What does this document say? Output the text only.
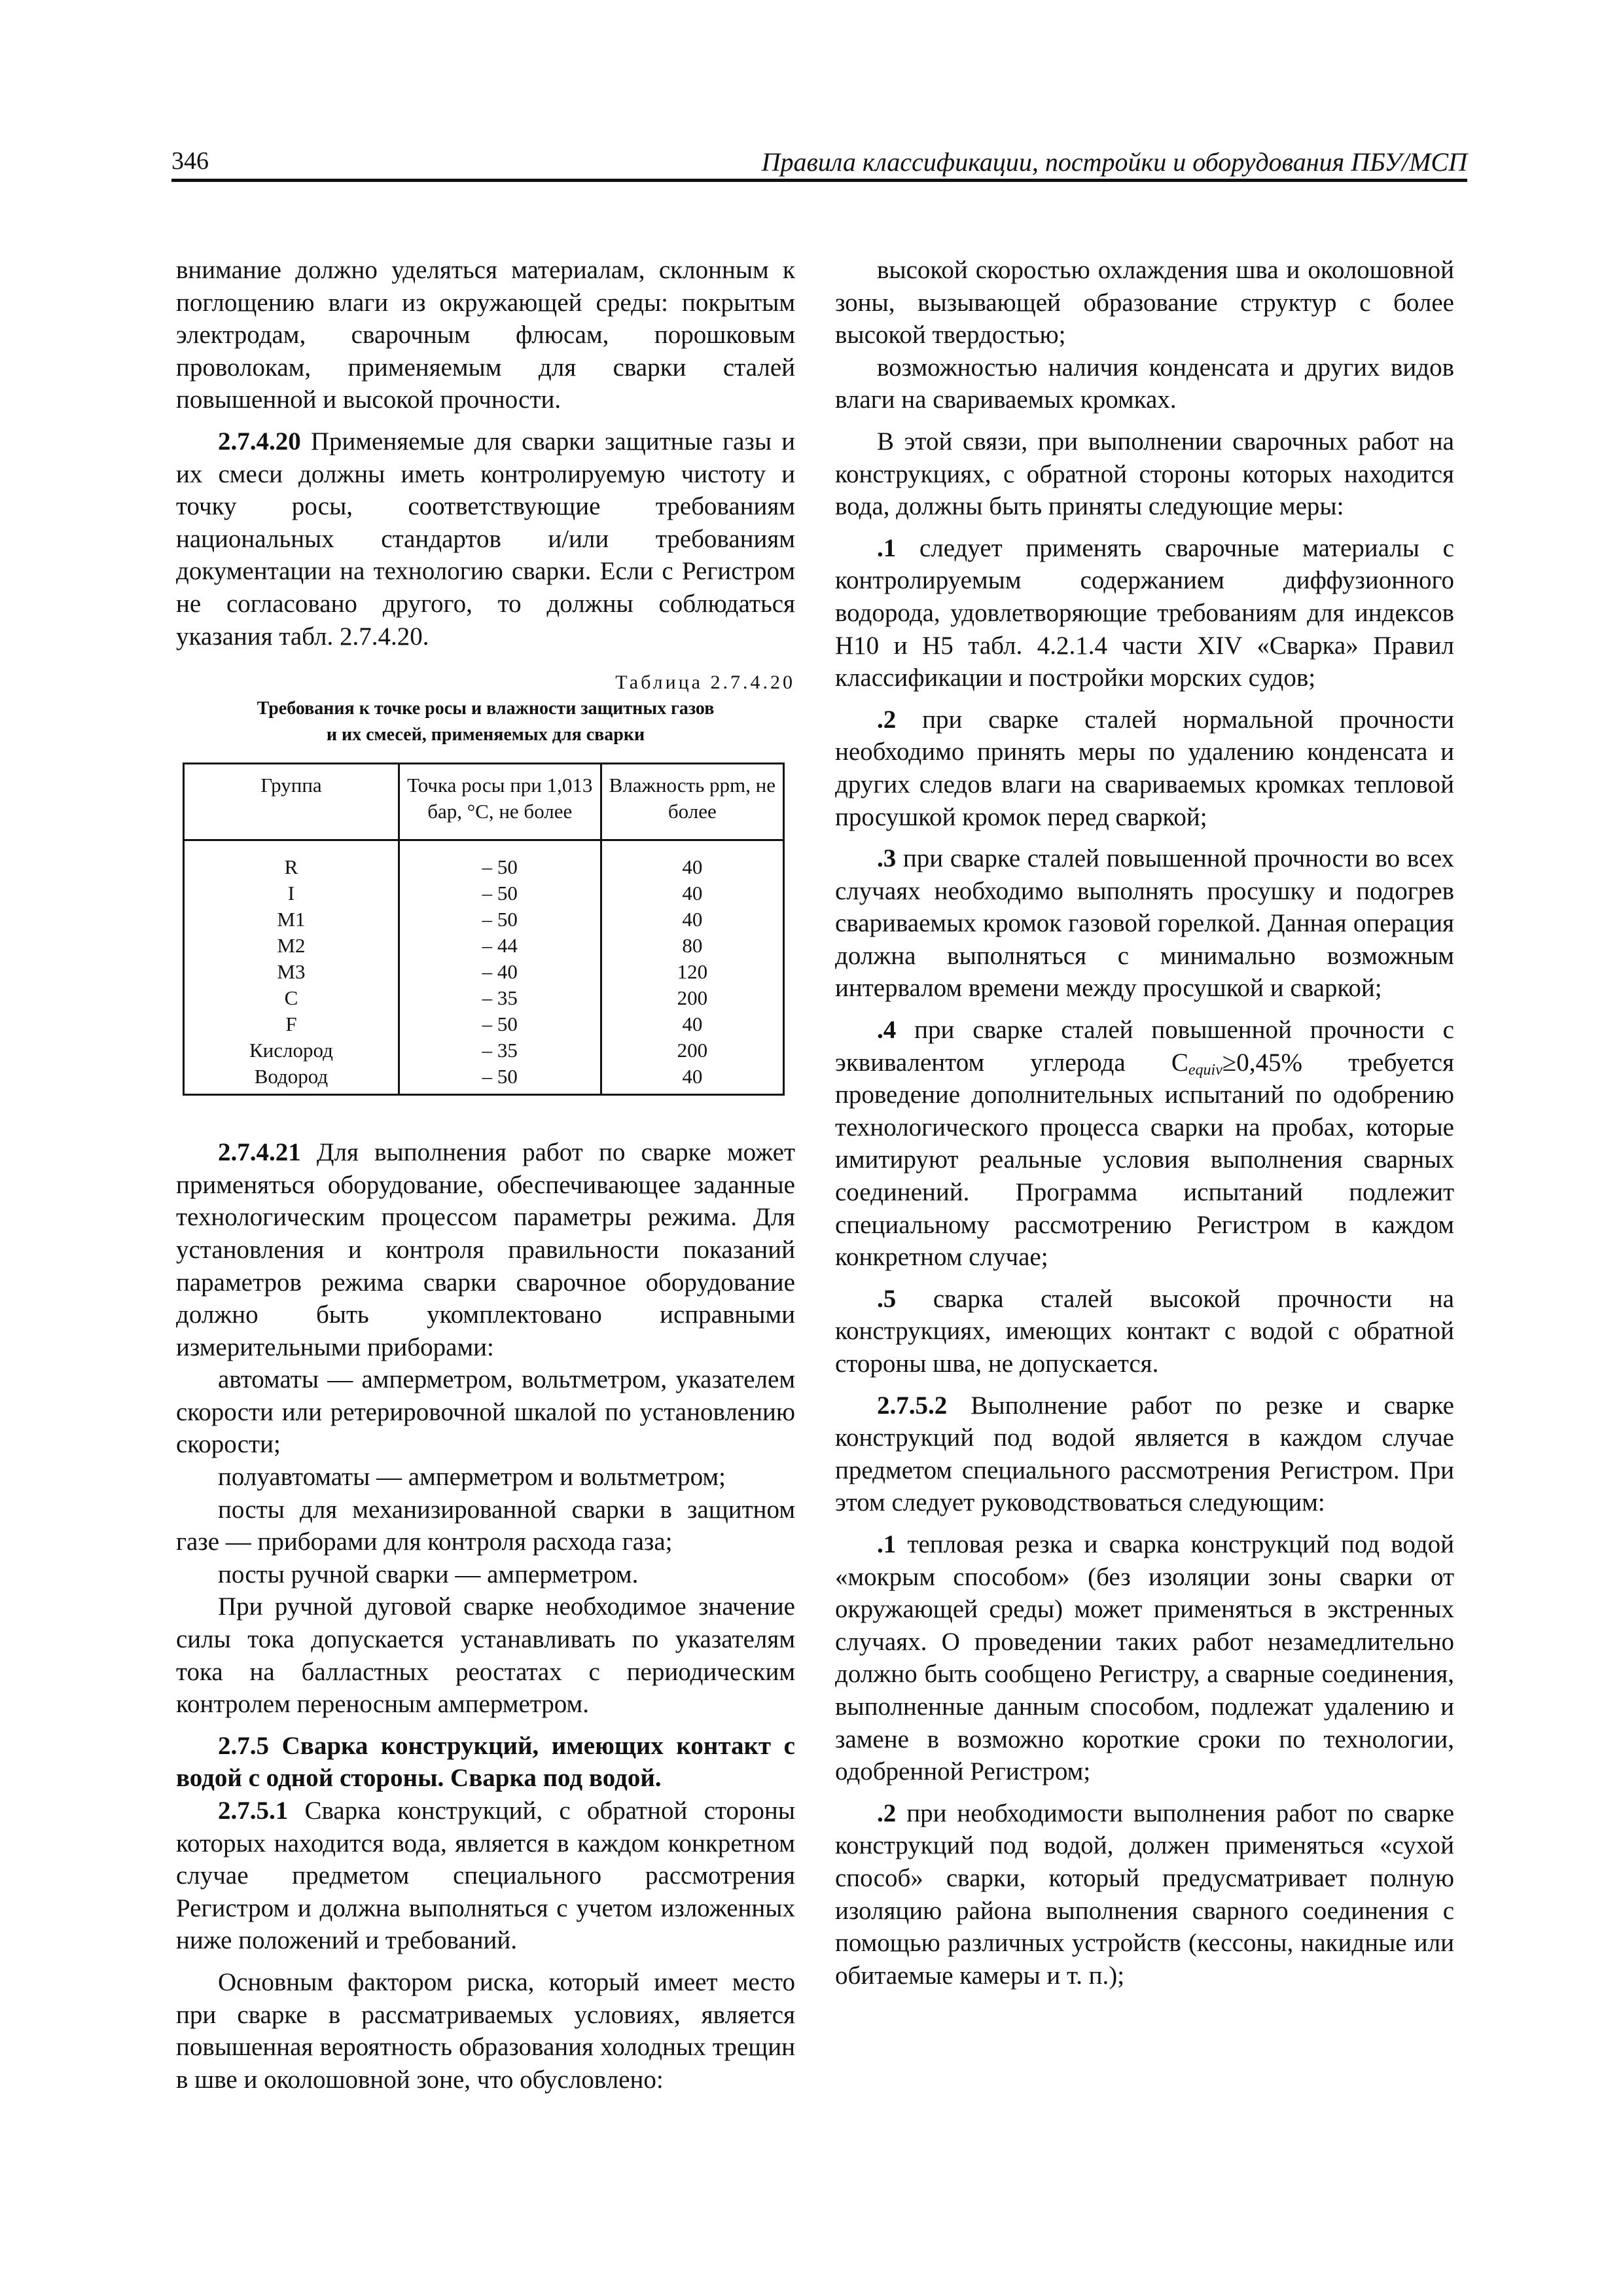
346	Правила классификации, постройки и оборудования ПБУ/МСП

внимание должно уделяться материалам, склонным к поглощению влаги из окружающей среды: покрытым электродам, сварочным флюсам, порошковым проволокам, применяемым для сварки сталей повышенной и высокой прочности.

2.7.4.20 Применяемые для сварки защитные газы и их смеси должны иметь контролируемую чистоту и точку росы, соответствующие требованиям национальных стандартов и/или требованиям документации на технологию сварки. Если с Регистром не согласовано другого, то должны соблюдаться указания табл. 2.7.4.20.

Таблица 2.7.4.20
Требования к точке росы и влажности защитных газов
и их смесей, применяемых для сварки
Группа	Точка росы при 1,013 бар, °С, не более	Влажность ppm, не более
R	– 50	40
I	– 50	40
M1	– 50	40
M2	– 44	80
M3	– 40	120
C	– 35	200
F	– 50	40
Кислород	– 35	200
Водород	– 50	40

2.7.4.21 Для выполнения работ по сварке может применяться оборудование, обеспечивающее заданные технологическим процессом параметры режима. Для установления и контроля правильности показаний параметров режима сварки сварочное оборудование должно быть укомплектовано исправными измерительными приборами:

автоматы — амперметром, вольтметром, указателем скорости или ретерировочной шкалой по установлению скорости;

полуавтоматы — амперметром и вольтметром;

посты для механизированной сварки в защитном газе — приборами для контроля расхода газа;

посты ручной сварки — амперметром.

При ручной дуговой сварке необходимое значение силы тока допускается устанавливать по указателям тока на балластных реостатах с периодическим контролем переносным амперметром.

2.7.5 Сварка конструкций, имеющих контакт с водой с одной стороны. Сварка под водой.

2.7.5.1 Сварка конструкций, с обратной стороны которых находится вода, является в каждом конкретном случае предметом специального рассмотрения Регистром и должна выполняться с учетом изложенных ниже положений и требований.

Основным фактором риска, который имеет место при сварке в рассматриваемых условиях, является повышенная вероятность образования холодных трещин в шве и околошовной зоне, что обусловлено:

высокой скоростью охлаждения шва и околошовной зоны, вызывающей образование структур с более высокой твердостью;

возможностью наличия конденсата и других видов влаги на свариваемых кромках.

В этой связи, при выполнении сварочных работ на конструкциях, с обратной стороны которых находится вода, должны быть приняты следующие меры:

.1 следует применять сварочные материалы с контролируемым содержанием диффузионного водорода, удовлетворяющие требованиям для индексов Н10 и Н5 табл. 4.2.1.4 части XIV «Сварка» Правил классификации и постройки морских судов;

.2 при сварке сталей нормальной прочности необходимо принять меры по удалению конденсата и других следов влаги на свариваемых кромках тепловой просушкой кромок перед сваркой;

.3 при сварке сталей повышенной прочности во всех случаях необходимо выполнять просушку и подогрев свариваемых кромок газовой горелкой. Данная операция должна выполняться с минимально возможным интервалом времени между просушкой и сваркой;

.4 при сварке сталей повышенной прочности с эквивалентом углерода $C_{equiv}\ge 0,45\%$ требуется проведение дополнительных испытаний по одобрению технологического процесса сварки на пробах, которые имитируют реальные условия выполнения сварных соединений. Программа испытаний подлежит специальному рассмотрению Регистром в каждом конкретном случае;

.5 сварка сталей высокой прочности на конструкциях, имеющих контакт с водой с обратной стороны шва, не допускается.

2.7.5.2 Выполнение работ по резке и сварке конструкций под водой является в каждом случае предметом специального рассмотрения Регистром. При этом следует руководствоваться следующим:

.1 тепловая резка и сварка конструкций под водой «мокрым способом» (без изоляции зоны сварки от окружающей среды) может применяться в экстренных случаях. О проведении таких работ незамедлительно должно быть сообщено Регистру, а сварные соединения, выполненные данным способом, подлежат удалению и замене в возможно короткие сроки по технологии, одобренной Регистром;

.2 при необходимости выполнения работ по сварке конструкций под водой, должен применяться «сухой способ» сварки, который предусматривает полную изоляцию района выполнения сварного соединения с помощью различных устройств (кессоны, накидные или обитаемые камеры и т. п.);
